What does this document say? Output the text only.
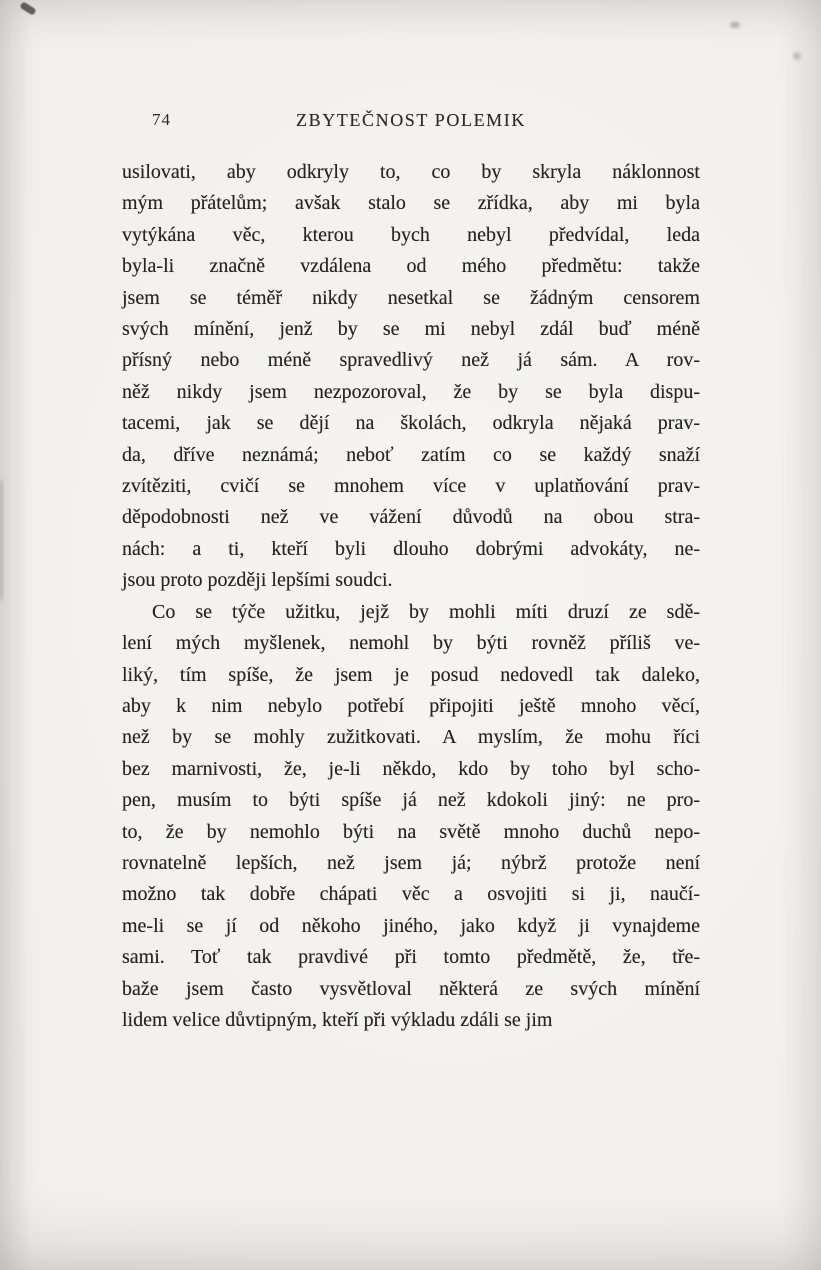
74	ZBYTEČNOST POLEMIK
usilovati, aby odkryly to, co by skryla náklonnost
mým přátelům; avšak stalo se zřídka, aby mi byla
vytýkána věc, kterou bych nebyl předvídal, leda
byla-li značně vzdálena od mého předmětu: takže
jsem se téměř nikdy nesetkal se žádným censorem
svých mínění, jenž by se mi nebyl zdál buď méně
přísný nebo méně spravedlivý než já sám. A rov-
něž nikdy jsem nezpozoroval, že by se byla dispu-
tacemi, jak se dějí na školách, odkryla nějaká prav-
da, dříve neznámá; neboť zatím co se každý snaží
zvítěziti, cvičí se mnohem více v uplatňování prav-
děpodobnosti než ve vážení důvodů na obou stra-
nách: a ti, kteří byli dlouho dobrými advokáty, ne-
jsou proto později lepšími soudci.
Co se týče užitku, jejž by mohli míti druzí ze sdě-
lení mých myšlenek, nemohl by býti rovněž příliš ve-
liký, tím spíše, že jsem je posud nedovedl tak daleko,
aby k nim nebylo potřebí připojiti ještě mnoho věcí,
než by se mohly zužitkovati. A myslím, že mohu říci
bez marnivosti, že, je-li někdo, kdo by toho byl scho-
pen, musím to býti spíše já než kdokoli jiný: ne pro-
to, že by nemohlo býti na světě mnoho duchů nepo-
rovnatelně lepších, než jsem já; nýbrž protože není
možno tak dobře chápati věc a osvojiti si ji, naučí-
me-li se jí od někoho jiného, jako když ji vynajdeme
sami. Toť tak pravdivé při tomto předmětě, že, tře-
baže jsem často vysvětloval některá ze svých mínění
lidem velice důvtipným, kteří při výkladu zdáli se jim
